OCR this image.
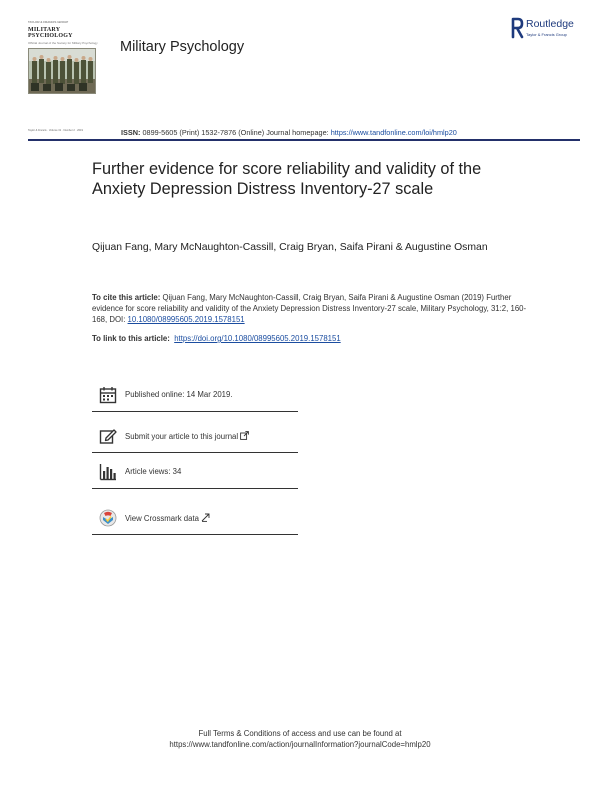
TAYLOR & FRANCIS GROUP
MILITARY
PSYCHOLOGY
Official Journal of the Society for Military Psychology
Taylor & Francis · Volume 31 · Number 2 · 2019
Military Psychology
Routledge
Taylor & Francis Group
ISSN: 0899-5605 (Print) 1532-7876 (Online) Journal homepage: https://www.tandfonline.com/loi/hmlp20
Further evidence for score reliability and validity of the Anxiety Depression Distress Inventory-27 scale
Qijuan Fang, Mary McNaughton-Cassill, Craig Bryan, Saifa Pirani & Augustine Osman
To cite this article: Qijuan Fang, Mary McNaughton-Cassill, Craig Bryan, Saifa Pirani & Augustine Osman (2019) Further evidence for score reliability and validity of the Anxiety Depression Distress Inventory-27 scale, Military Psychology, 31:2, 160-168, DOI: 10.1080/08995605.2019.1578151
To link to this article: https://doi.org/10.1080/08995605.2019.1578151
Published online: 14 Mar 2019.
Submit your article to this journal
Article views: 34
View Crossmark data
Full Terms & Conditions of access and use can be found at
https://www.tandfonline.com/action/journalInformation?journalCode=hmlp20
